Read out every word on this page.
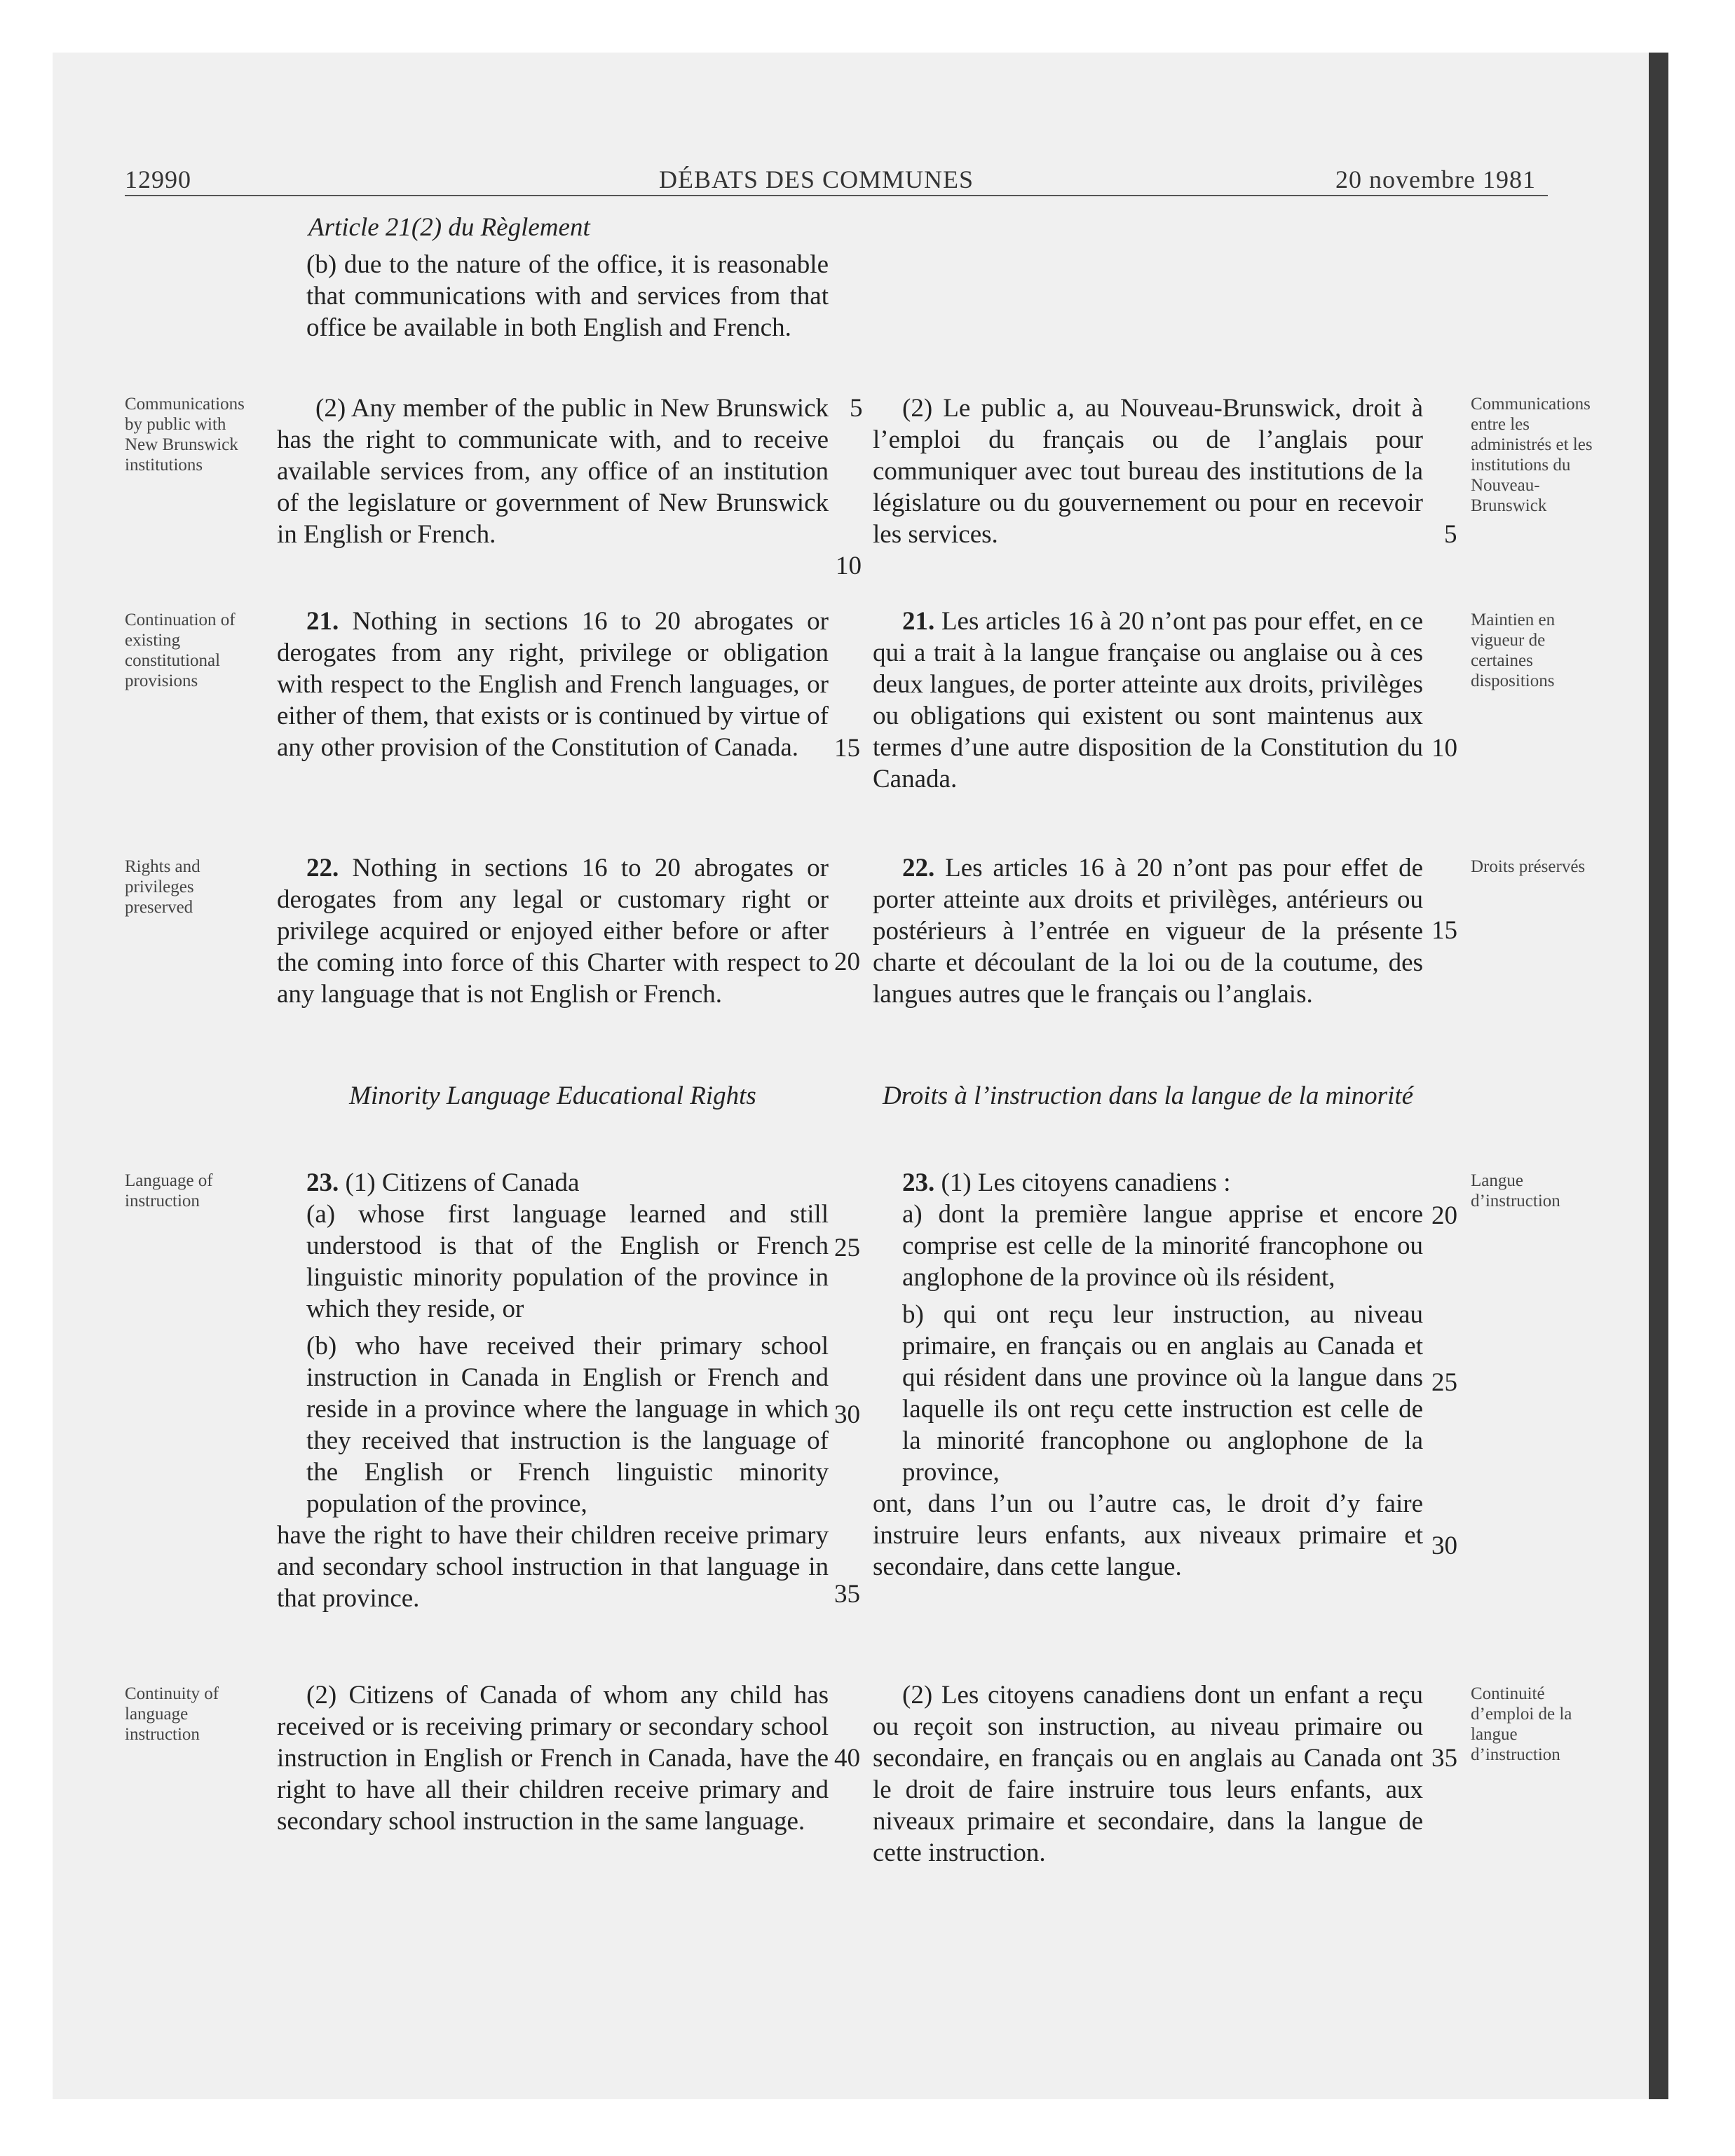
12990	DÉBATS DES COMMUNES	20 novembre 1981
Article 21(2) du Règlement

(b) due to the nature of the office, it is reasonable that communications with and services from that office be available in both English and French.

(2) Any member of the public in New Brunswick has the right to communicate with, and to receive available services from, any office of an institution of the legislature or government of New Brunswick in English or French.
21. Nothing in sections 16 to 20 abrogates or derogates from any right, privilege or obligation with respect to the English and French languages, or either of them, that exists or is continued by virtue of any other provision of the Constitution of Canada.
22. Nothing in sections 16 to 20 abrogates or derogates from any legal or customary right or privilege acquired or enjoyed either before or after the coming into force of this Charter with respect to any language that is not English or French.
Minority Language Educational Rights

23. (1) Citizens of Canada

(a) whose first language learned and still understood is that of the English or French linguistic minority population of the province in which they reside, or

(b) who have received their primary school instruction in Canada in English or French and reside in a province where the language in which they received that instruction is the language of the English or French linguistic minority population of the province,

have the right to have their children receive primary and secondary school instruction in that language in that province.

(2) Citizens of Canada of whom any child has received or is receiving primary or secondary school instruction in English or French in Canada, have the right to have all their children receive primary and secondary school instruction in the same language.
5
10
15
20
25
30
35
40
(2) Le public a, au Nouveau-Brunswick, droit à l’emploi du français ou de l’anglais pour communiquer avec tout bureau des institutions de la législature ou du gouvernement ou pour en recevoir les services.
21. Les articles 16 à 20 n’ont pas pour effet, en ce qui a trait à la langue française ou anglaise ou à ces deux langues, de porter atteinte aux droits, privilèges ou obligations qui existent ou sont maintenus aux termes d’une autre disposition de la Constitution du Canada.
22. Les articles 16 à 20 n’ont pas pour effet de porter atteinte aux droits et privilèges, antérieurs ou postérieurs à l’entrée en vigueur de la présente charte et découlant de la loi ou de la coutume, des langues autres que le français ou l’anglais.
Droits à l’instruction dans la langue de la minorité

23. (1) Les citoyens canadiens :

a) dont la première langue apprise et encore comprise est celle de la minorité francophone ou anglophone de la province où ils résident,

b) qui ont reçu leur instruction, au niveau primaire, en français ou en anglais au Canada et qui résident dans une province où la langue dans laquelle ils ont reçu cette instruction est celle de la minorité francophone ou anglophone de la province,

ont, dans l’un ou l’autre cas, le droit d’y faire instruire leurs enfants, aux niveaux primaire et secondaire, dans cette langue.

(2) Les citoyens canadiens dont un enfant a reçu ou reçoit son instruction, au niveau primaire ou secondaire, en français ou en anglais au Canada ont le droit de faire instruire tous leurs enfants, aux niveaux primaire et secondaire, dans la langue de cette instruction.
5
10
15
20
25
30
35
Communications by public with New Brunswick institutions
Continuation of existing constitutional provisions
Rights and privileges preserved
Language of instruction
Continuity of language instruction
Communications entre les administrés et les institutions du Nouveau-Brunswick
Maintien en vigueur de certaines dispositions
Droits préservés
Langue d’instruction
Continuité d’emploi de la langue d’instruction
